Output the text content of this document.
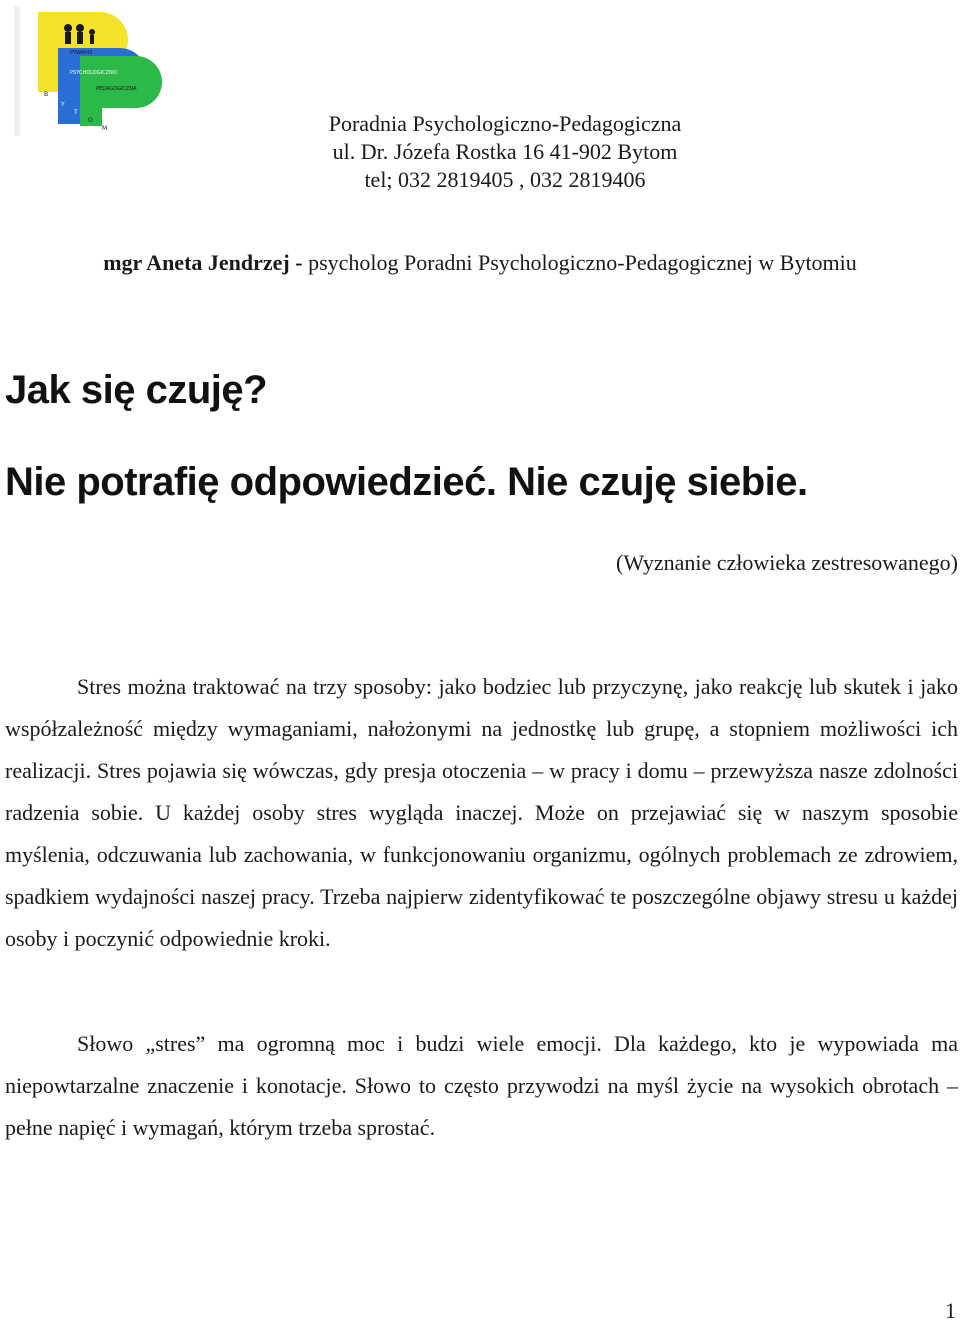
PYWAHIS
PSYCHOLOGICZNO
PEDAGOGICZNA
B
Y
T
O
M	Poradnia Psychologiczno-Pedagogiczna
ul. Dr. Józefa Rostka 16 41-902 Bytom
tel; 032 2819405 , 032 2819406
mgr Aneta Jendrzej - psycholog Poradni Psychologiczno-Pedagogicznej w Bytomiu
Jak się czuję?
Nie potrafię odpowiedzieć. Nie czuję siebie.
(Wyznanie człowieka zestresowanego)

Stres można traktować na trzy sposoby: jako bodziec lub przyczynę, jako reakcję lub skutek i jako współzależność między wymaganiami, nałożonymi na jednostkę lub grupę, a stopniem możliwości ich realizacji. Stres pojawia się wówczas, gdy presja otoczenia – w pracy i domu – przewyższa nasze zdolności radzenia sobie. U każdej osoby stres wygląda inaczej. Może on przejawiać się w naszym sposobie myślenia, odczuwania lub zachowania, w funkcjonowaniu organizmu, ogólnych problemach ze zdrowiem, spadkiem wydajności naszej pracy. Trzeba najpierw zidentyfikować te poszczególne objawy stresu u każdej osoby i poczynić odpowiednie kroki.

Słowo „stres” ma ogromną moc i budzi wiele emocji. Dla każdego, kto je wypowiada ma niepowtarzalne znaczenie i konotacje. Słowo to często przywodzi na myśl życie na wysokich obrotach – pełne napięć i wymagań, którym trzeba sprostać.

1
